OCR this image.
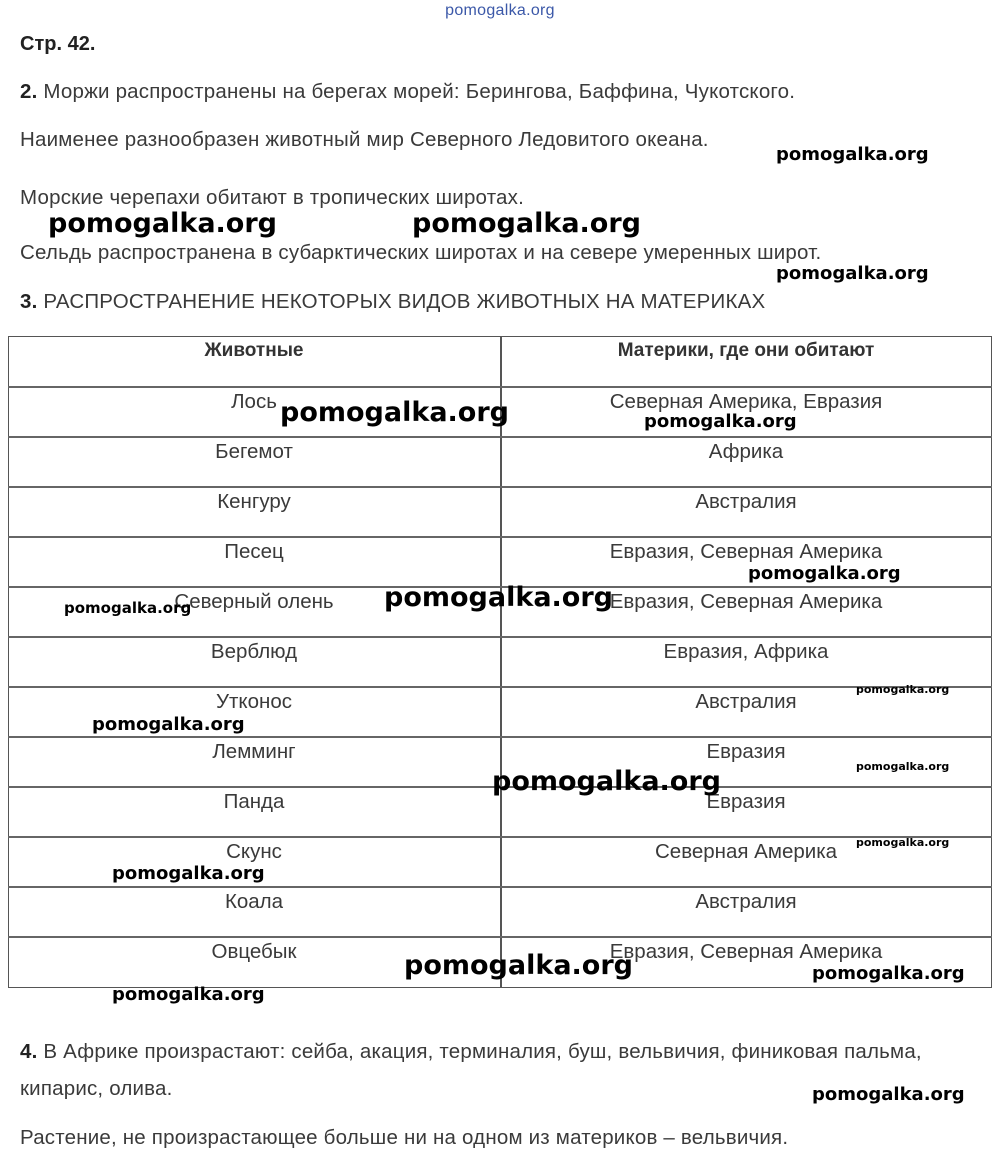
pomogalka.org
Стр. 42.
2. Моржи распространены на берегах морей: Берингова, Баффина, Чукотского.
Наименее разнообразен животный мир Северного Ледовитого океана.
Морские черепахи обитают в тропических широтах.
Сельдь распространена в субарктических широтах и на севере умеренных широт.
3. РАСПРОСТРАНЕНИЕ НЕКОТОРЫХ ВИДОВ ЖИВОТНЫХ НА МАТЕРИКАХ
Животные	Материки, где они обитают
Лось	Северная Америка, Евразия
Бегемот	Африка
Кенгуру	Австралия
Песец	Евразия, Северная Америка
Северный олень	Евразия, Северная Америка
Верблюд	Евразия, Африка
Утконос	Австралия
Лемминг	Евразия
Панда	Евразия
Скунс	Северная Америка
Коала	Австралия
Овцебык	Евразия, Северная Америка
4. В Африке произрастают: сейба, акация, терминалия, буш, вельвичия, финиковая пальма,
кипарис, олива.
Растение, не произрастающее больше ни на одном из материков – вельвичия.
pomogalka.org
pomogalka.org	pomogalka.org
pomogalka.org
pomogalka.org	pomogalka.org
pomogalka.org
pomogalka.org	pomogalka.org
pomogalka.org
pomogalka.org
pomogalka.org
pomogalka.org
pomogalka.org
pomogalka.org
pomogalka.org	pomogalka.org
pomogalka.org
pomogalka.org
